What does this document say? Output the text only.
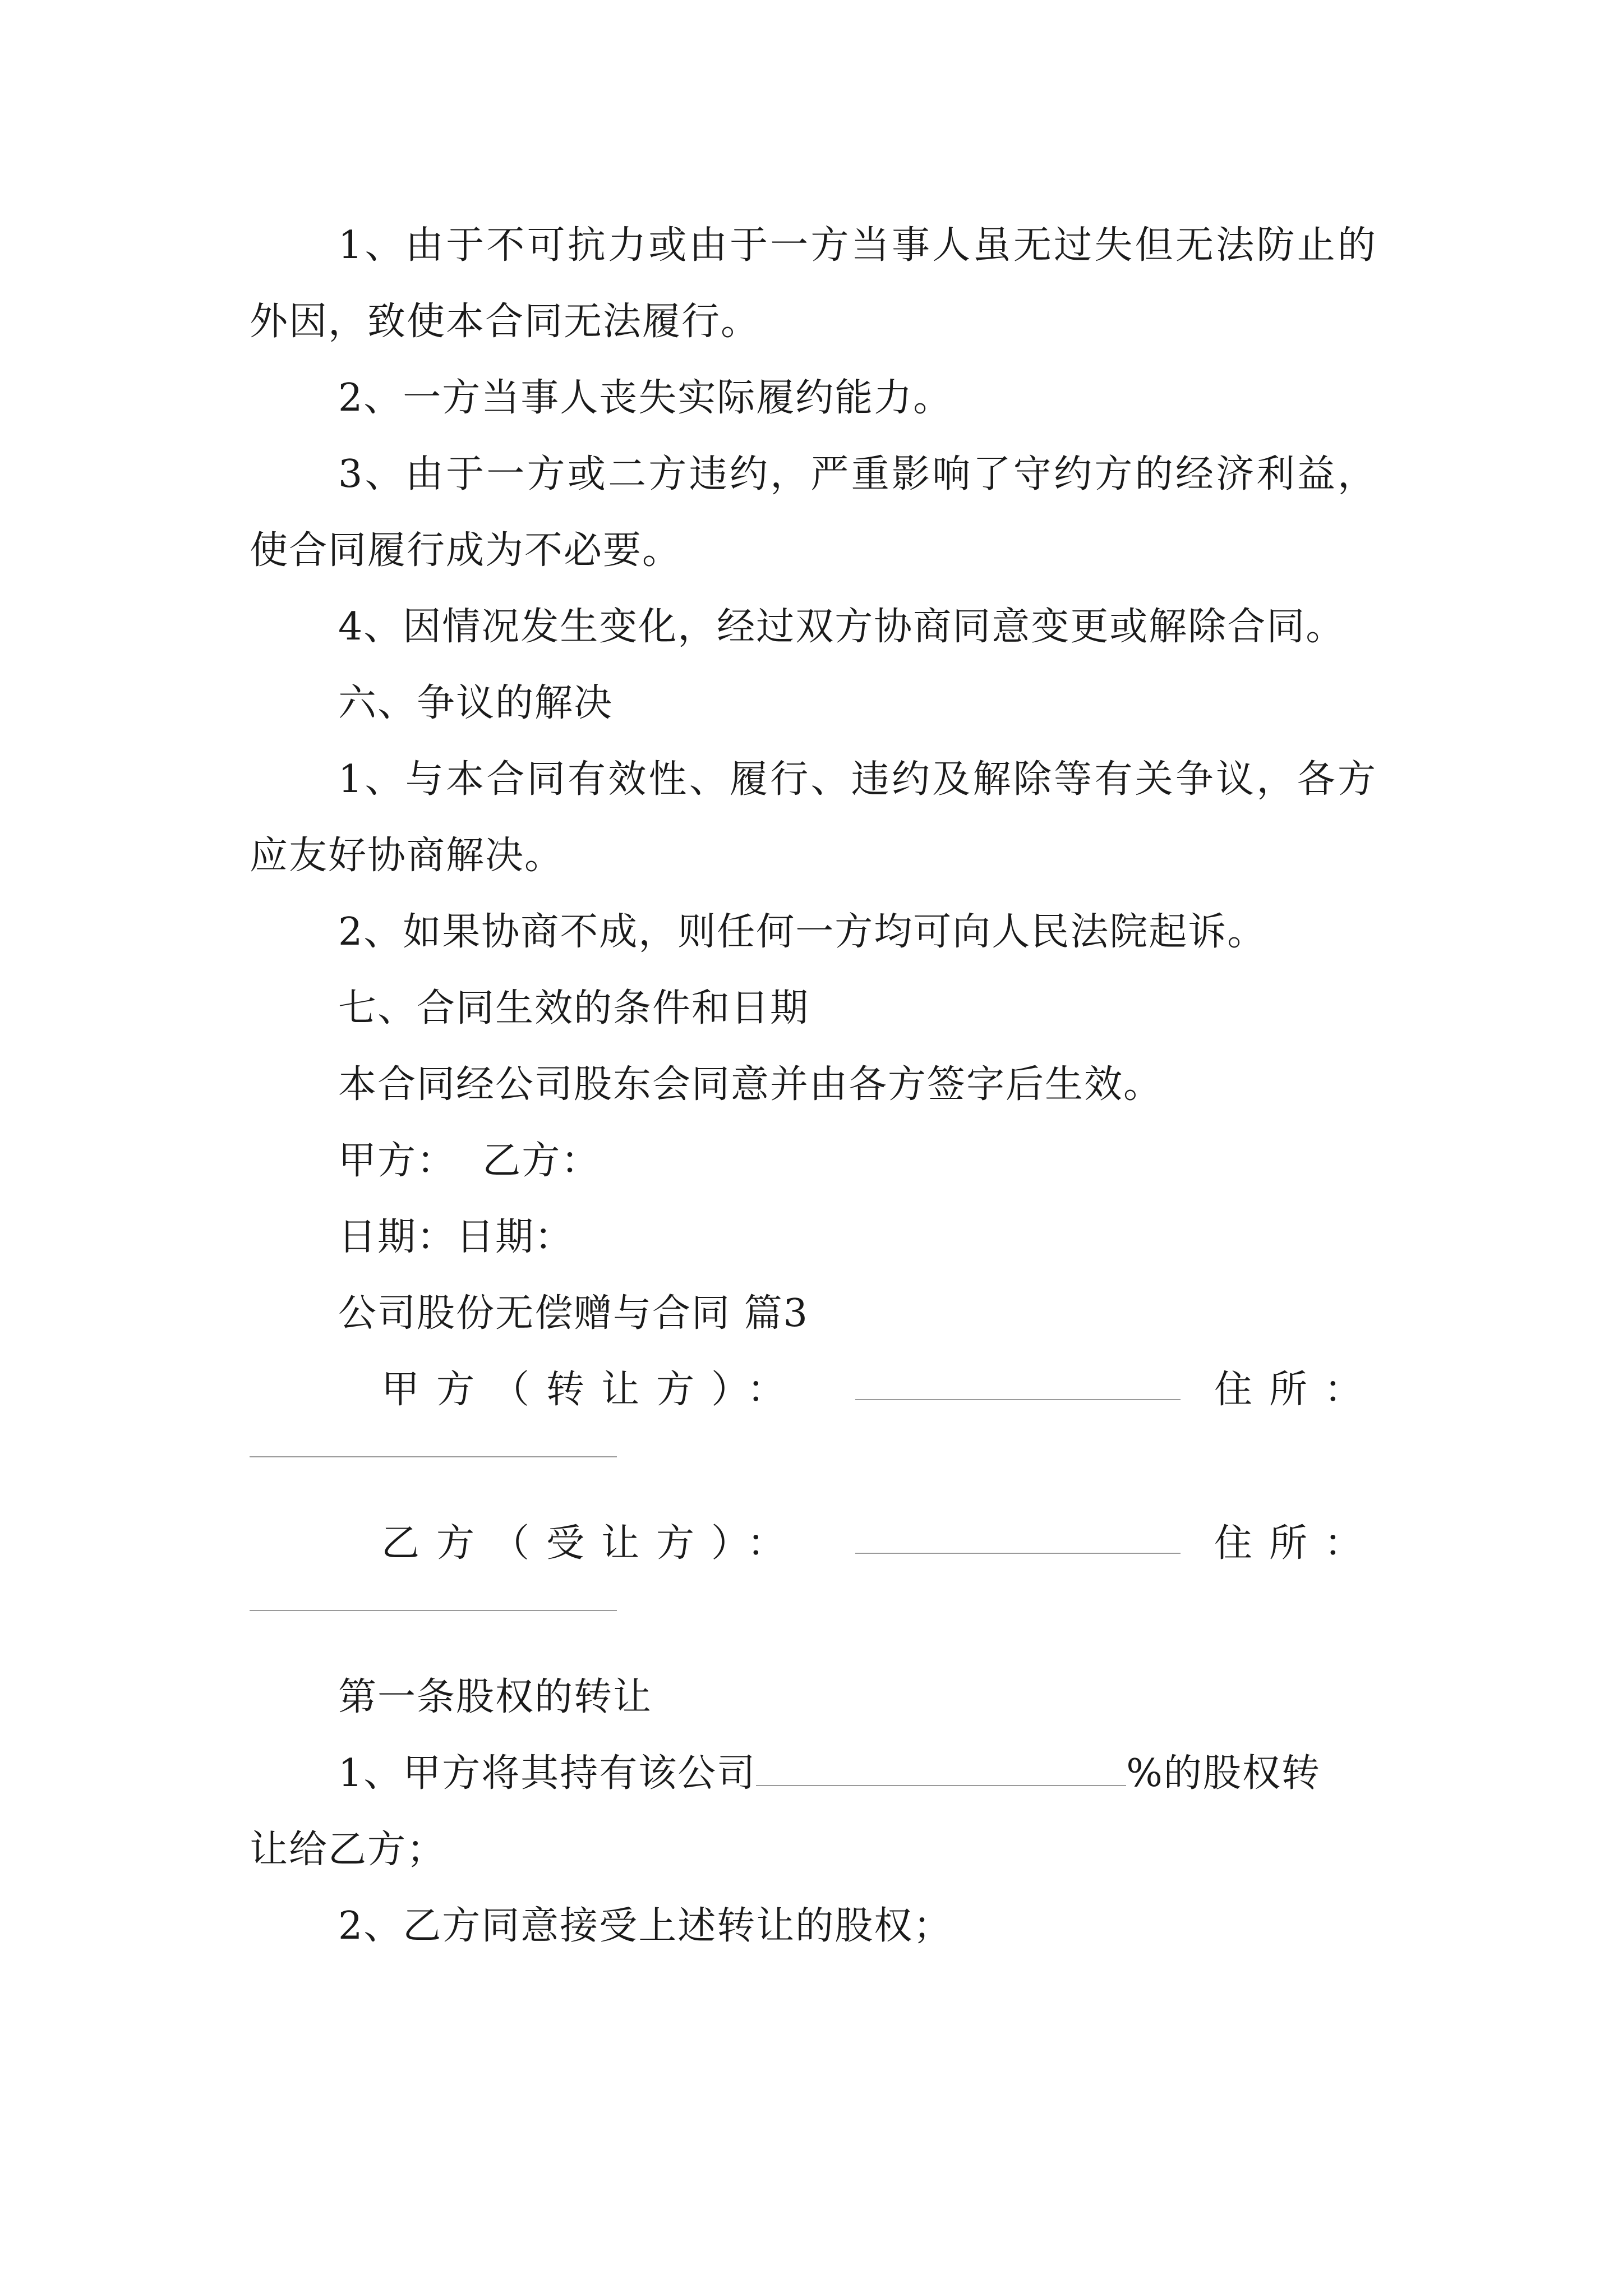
1、由于不可抗力或由于一方当事人虽无过失但无法防止的外因，致使本合同无法履行。

2、一方当事人丧失实际履约能力。

3、由于一方或二方违约，严重影响了守约方的经济利益，使合同履行成为不必要。

4、因情况发生变化，经过双方协商同意变更或解除合同。

六、争议的解决

1、与本合同有效性、履行、违约及解除等有关争议，各方应友好协商解决。

2、如果协商不成，则任何一方均可向人民法院起诉。

七、合同生效的条件和日期

本合同经公司股东会同意并由各方签字后生效。

甲方：  乙方：

日期：日期：

公司股份无偿赠与合同 篇3

甲方（转让方）：	住所：
乙方（受让方）：	住所：

第一条股权的转让

1、甲方将其持有该公司	%的股权转

让给乙方；

2、乙方同意接受上述转让的股权；
